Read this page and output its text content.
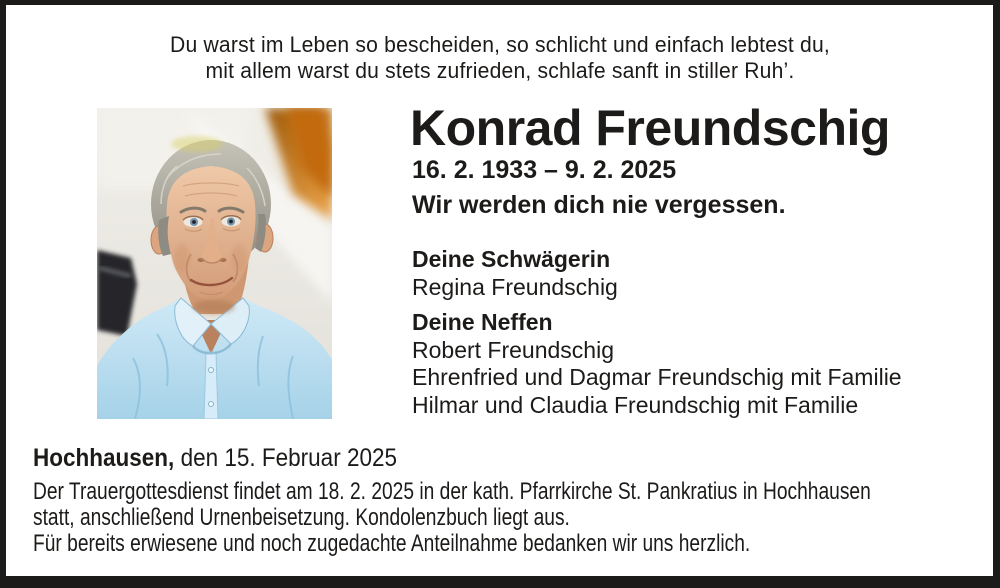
Du warst im Leben so bescheiden, so schlicht und einfach lebtest du,
mit allem warst du stets zufrieden, schlafe sanft in stiller Ruh’.
Konrad Freundschig
16. 2. 1933 – 9. 2. 2025
Wir werden dich nie vergessen.
Deine Schwägerin
Regina Freundschig
Deine Neffen
Robert Freundschig
Ehrenfried und Dagmar Freundschig mit Familie
Hilmar und Claudia Freundschig mit Familie
Hochhausen, den 15. Februar 2025
Der Trauergottesdienst findet am 18. 2. 2025 in der kath. Pfarrkirche St. Pankratius in Hochhausen
statt, anschließend Urnenbeisetzung. Kondolenzbuch liegt aus.
Für bereits erwiesene und noch zugedachte Anteilnahme bedanken wir uns herzlich.
